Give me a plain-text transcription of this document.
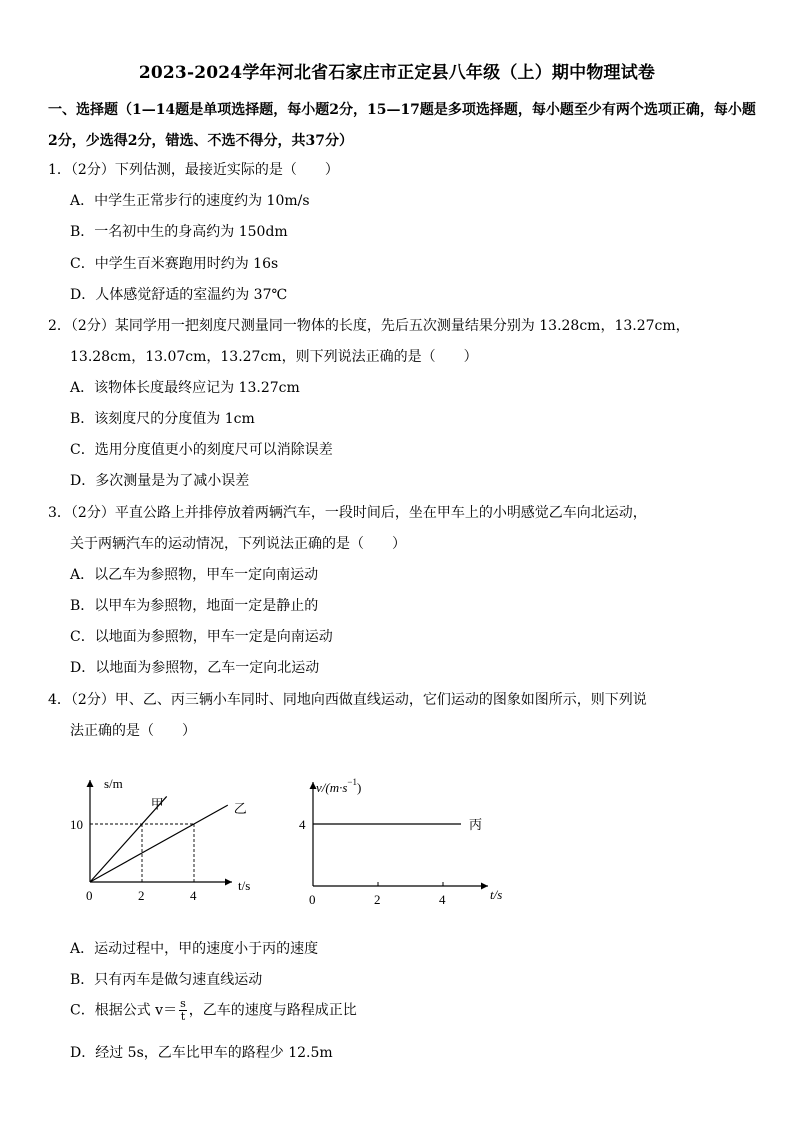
2023-2024学年河北省石家庄市正定县八年级（上）期中物理试卷
一、选择题（1—14题是单项选择题，每小题2分，15—17题是多项选择题，每小题至少有两个选项正确，每小题2分，少选得2分，错选、不选不得分，共37分）
1．（2分）下列估测，最接近实际的是（　　）
A．中学生正常步行的速度约为 10m/s
B．一名初中生的身高约为 150dm
C．中学生百米赛跑用时约为 16s
D．人体感觉舒适的室温约为 37℃
2．（2分）某同学用一把刻度尺测量同一物体的长度，先后五次测量结果分别为 13.28cm，13.27cm，
13.28cm，13.07cm，13.27cm，则下列说法正确的是（　　）
A．该物体长度最终应记为 13.27cm
B．该刻度尺的分度值为 1cm
C．选用分度值更小的刻度尺可以消除误差
D．多次测量是为了减小误差
3．（2分）平直公路上并排停放着两辆汽车，一段时间后，坐在甲车上的小明感觉乙车向北运动，
关于两辆汽车的运动情况，下列说法正确的是（　　）
A．以乙车为参照物，甲车一定向南运动
B．以甲车为参照物，地面一定是静止的
C．以地面为参照物，甲车一定是向南运动
D．以地面为参照物，乙车一定向北运动
4．（2分）甲、乙、丙三辆小车同时、同地向西做直线运动，它们运动的图象如图所示，则下列说
法正确的是（　　）
s/m
t/s
0	2	4
10
甲	乙
$v/(m\cdot s^{-1})$
t/s
0	2	4
4	丙
A．运动过程中，甲的速度小于丙的速度
B．只有丙车是做匀速直线运动
C．根据公式 $v= \frac{s}{t}$ ，乙车的速度与路程成正比
D．经过 5s，乙车比甲车的路程少 12.5m
